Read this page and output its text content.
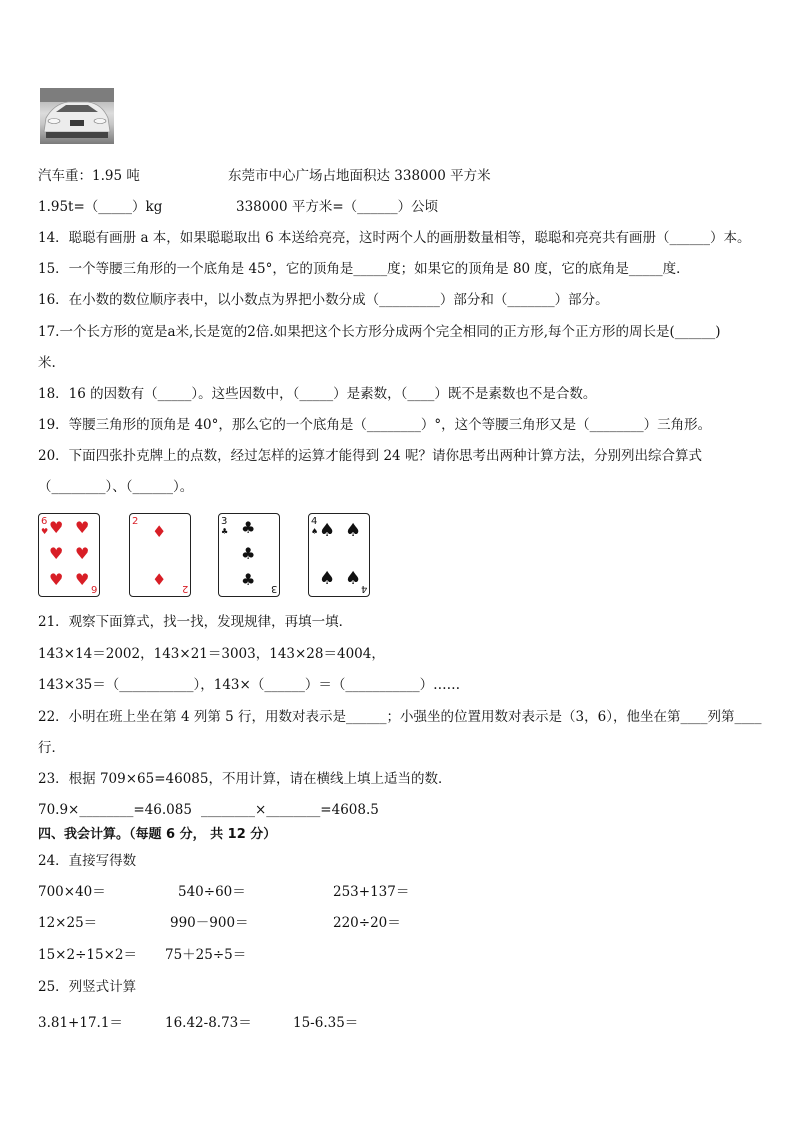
汽车重：1.95 吨	东莞市中心广场占地面积达 338000 平方米
1.95t=（_____）kg	338000 平方米=（______）公顷
14．聪聪有画册 a 本，如果聪聪取出 6 本送给亮亮，这时两个人的画册数量相等，聪聪和亮亮共有画册（______）本。
15．一个等腰三角形的一个底角是 45°，它的顶角是_____度；如果它的顶角是 80 度，它的底角是_____度．
16．在小数的数位顺序表中，以小数点为界把小数分成（_________）部分和（_______）部分。
17.一个长方形的宽是a米,长是宽的2倍.如果把这个长方形分成两个完全相同的正方形,每个正方形的周长是(______)
米.
18．16 的因数有（_____）。这些因数中，（_____）是素数，（____）既不是素数也不是合数。
19．等腰三角形的顶角是 40°，那么它的一个底角是（________）°，这个等腰三角形又是（________）三角形。
20．下面四张扑克牌上的点数，经过怎样的运算才能得到 24 呢？请你思考出两种计算方法，分别列出综合算式
（________）、（______）。
6
♥ ♥ ♥
♥ ♥
♥ ♥ 6
2
♦
♦ 2
3
♣ ♣
♣
♣ 3
4
♠ ♠ ♠
♠ ♠ 4
21．观察下面算式，找一找，发现规律，再填一填．
143×14＝2002，143×21＝3003，143×28＝4004，
143×35＝（___________），143×（______）＝（___________）……
22．小明在班上坐在第 4 列第 5 行，用数对表示是______；小强坐的位置用数对表示是（3，6），他坐在第____列第____
行．
23．根据 709×65=46085，不用计算，请在横线上填上适当的数．
70.9×________=46.085 ________×________=4608.5
四、我会计算。（每题 6 分， 共 12 分）
24．直接写得数
700×40＝	540÷60＝	253+137＝
12×25＝	990－900＝	220÷20＝
15×2÷15×2＝ 75＋25÷5＝
25．列竖式计算
3.81+17.1＝	16.42-8.73＝	15-6.35＝
